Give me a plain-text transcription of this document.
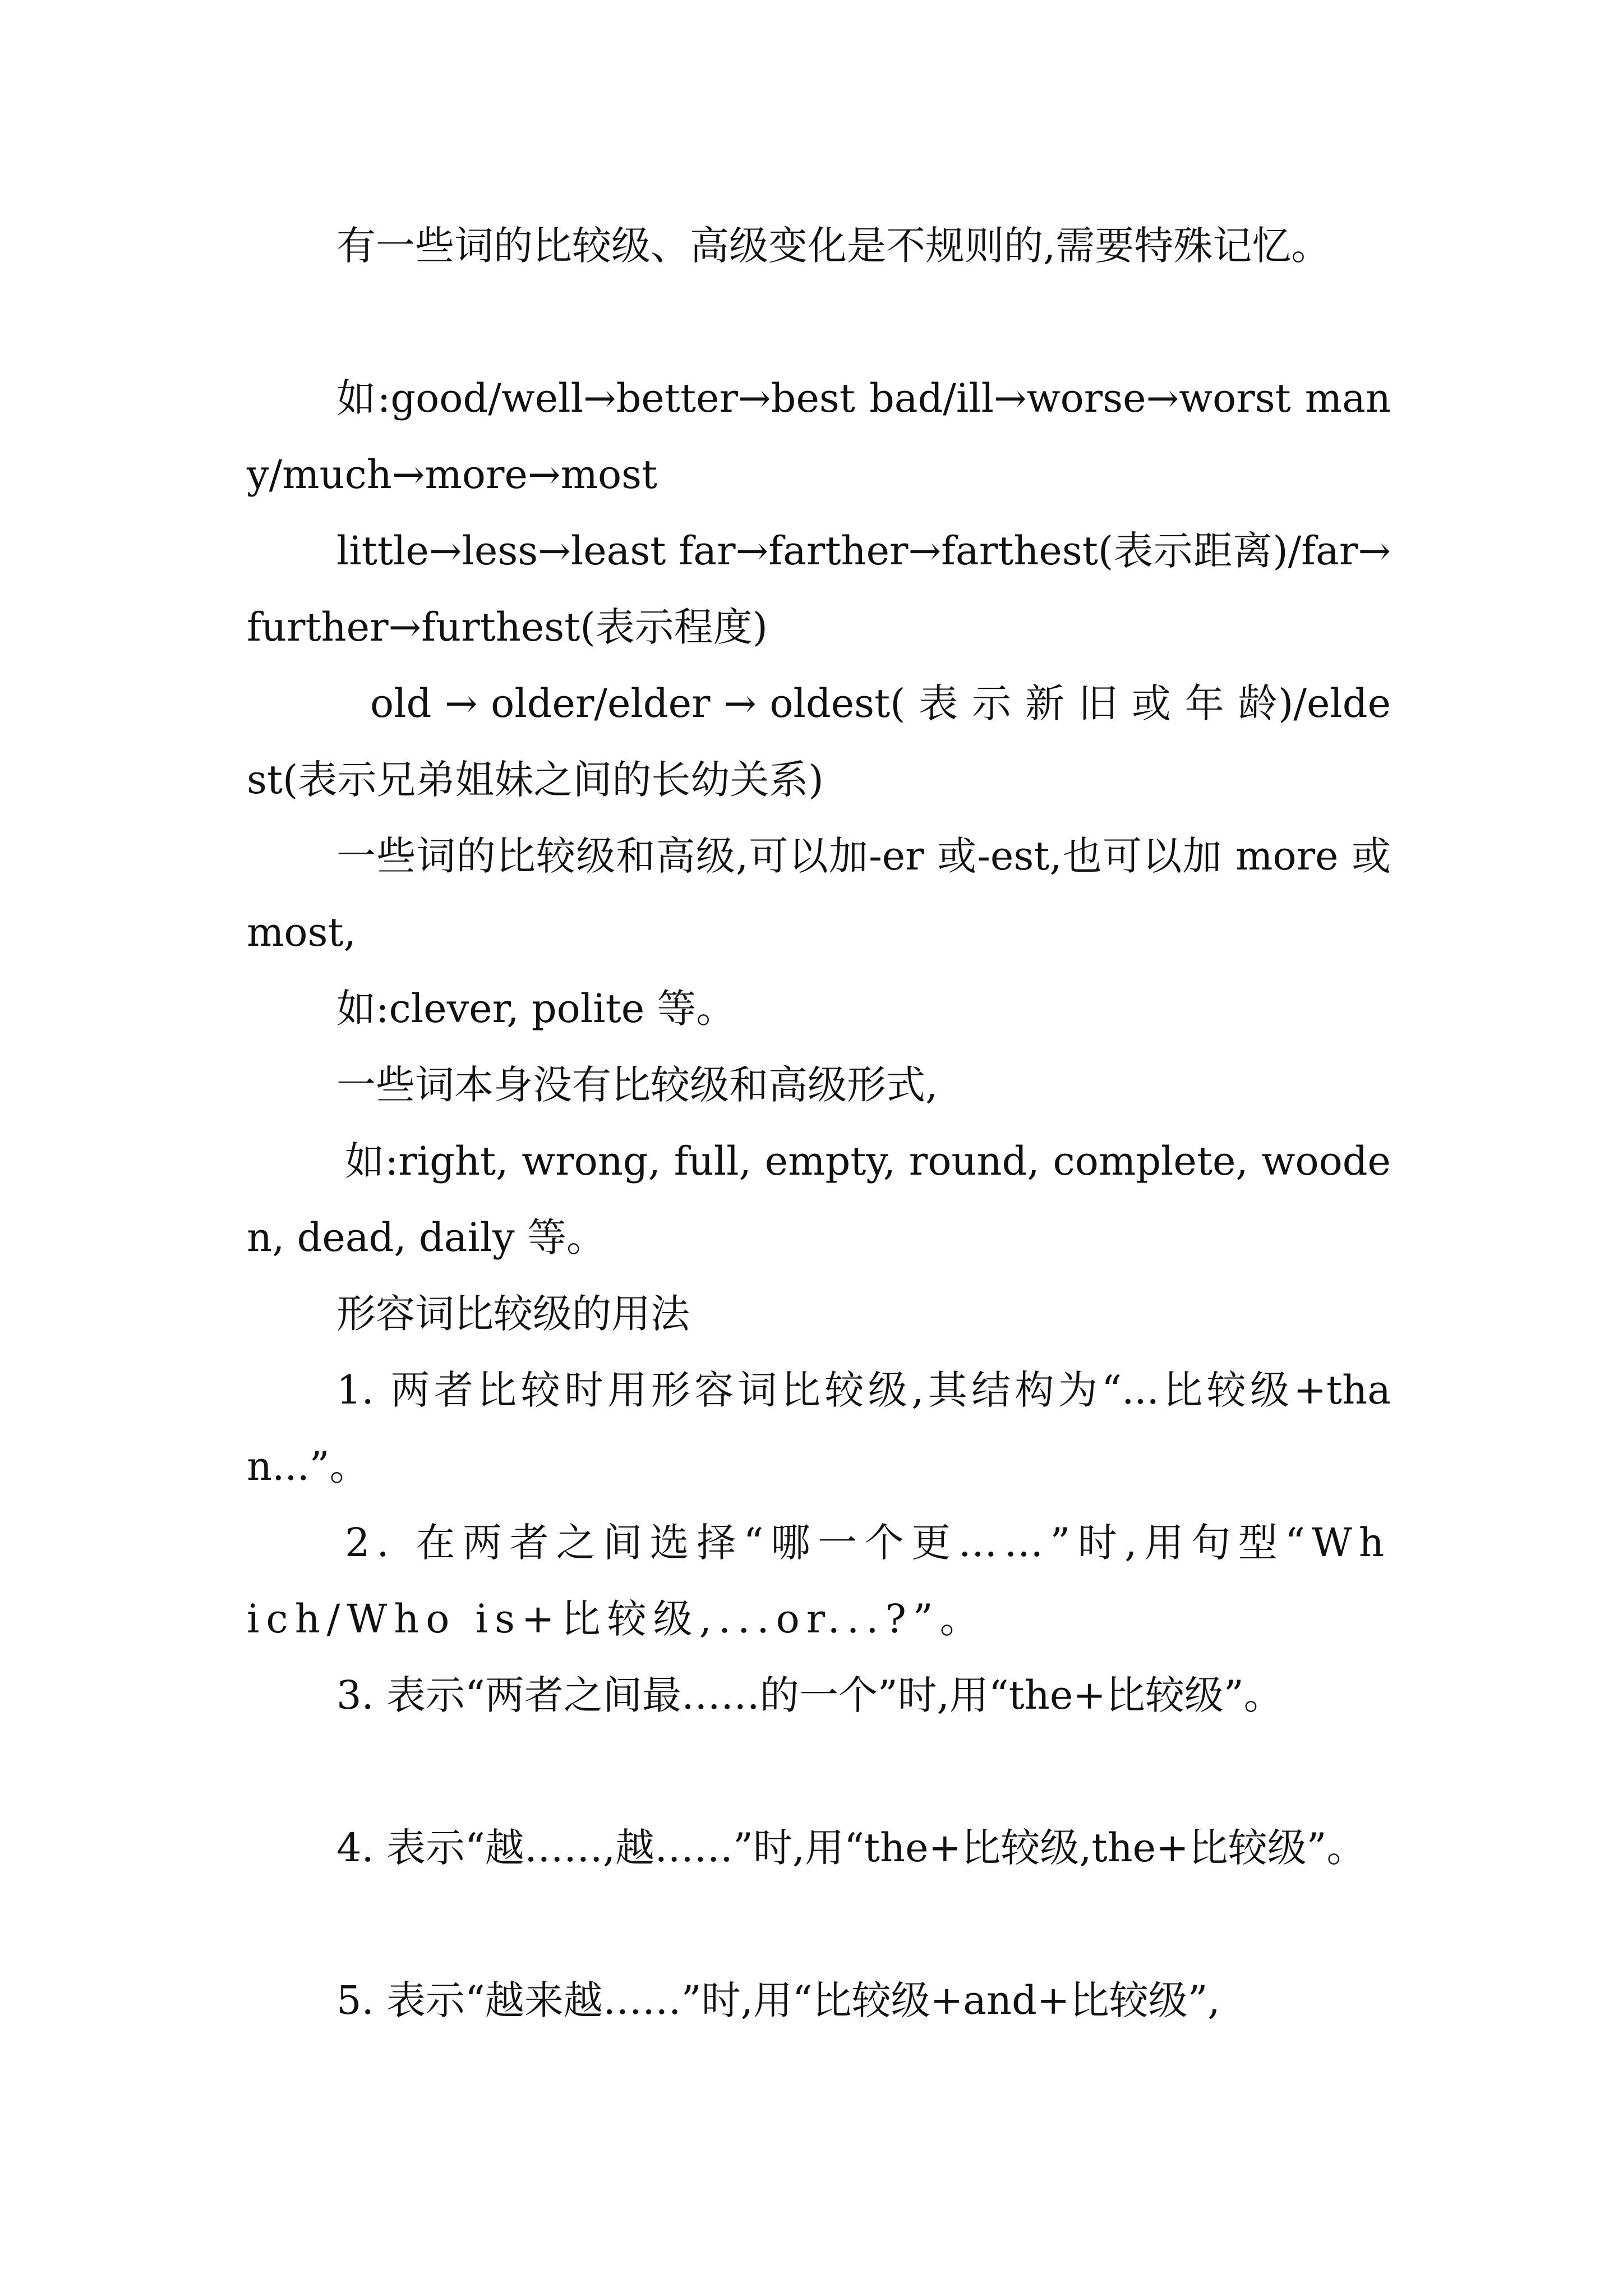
有一些词的比较级、高级变化是不规则的,需要特殊记忆。

如:good/well→better→best bad/ill→worse→worst many/much→more→most

little→less→least far→farther→farthest(表示距离)/far→further→furthest(表示程度)

old → older/elder → oldest( 表 示 新 旧 或 年 龄)/eldest(表示兄弟姐妹之间的长幼关系)

一些词的比较级和高级,可以加-er 或-est,也可以加 more 或 most,

如:clever, polite 等。

一些词本身没有比较级和高级形式,

如:right, wrong, full, empty, round, complete, wooden, dead, daily 等。

形容词比较级的用法

1. 两者比较时用形容词比较级,其结构为“...比较级+than...”。

2. 在两者之间选择“哪一个更……”时,用句型“Which/Who is+比较级,...or...?”。

3. 表示“两者之间最……的一个”时,用“the+比较级”。

4. 表示“越……,越……”时,用“the+比较级,the+比较级”。

5. 表示“越来越……”时,用“比较级+and+比较级”,
